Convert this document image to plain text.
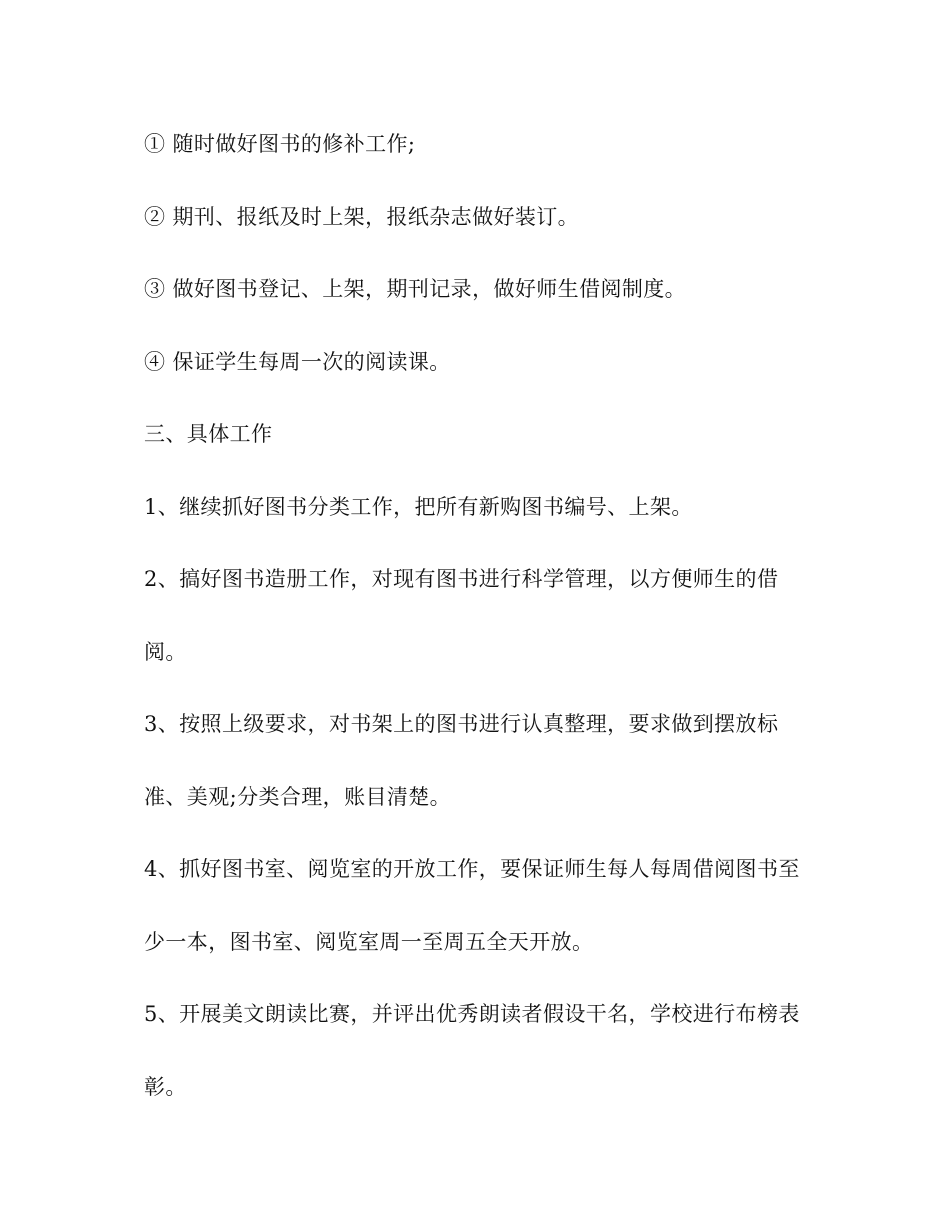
① 随时做好图书的修补工作;
② 期刊、报纸及时上架，报纸杂志做好装订。
③ 做好图书登记、上架，期刊记录，做好师生借阅制度。
④ 保证学生每周一次的阅读课。
三、具体工作
1、继续抓好图书分类工作，把所有新购图书编号、上架。
2、搞好图书造册工作，对现有图书进行科学管理，以方便师生的借
阅。
3、按照上级要求，对书架上的图书进行认真整理，要求做到摆放标
准、美观;分类合理，账目清楚。
4、抓好图书室、阅览室的开放工作，要保证师生每人每周借阅图书至
少一本，图书室、阅览室周一至周五全天开放。
5、开展美文朗读比赛，并评出优秀朗读者假设干名，学校进行布榜表
彰。
